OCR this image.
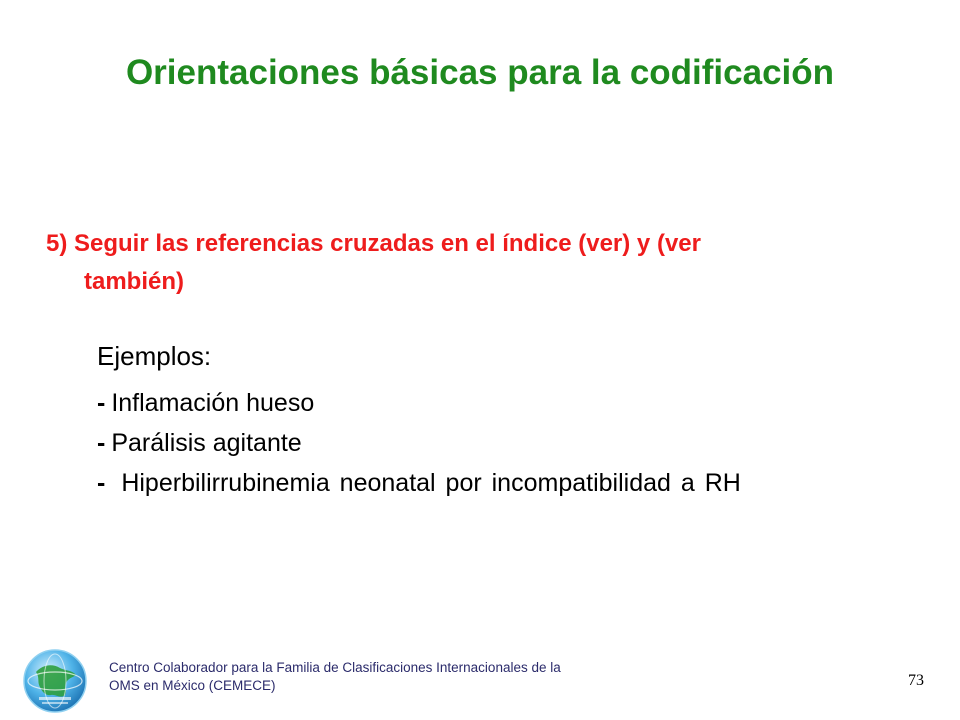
Orientaciones básicas para la codificación
5) Seguir las referencias cruzadas en el índice (ver) y (ver
también)
Ejemplos:
- Inflamación hueso
- Parálisis agitante
- Hiperbilirrubinemia neonatal por incompatibilidad a RH
Centro Colaborador para la Familia de Clasificaciones Internacionales de la
OMS en México (CEMECE)	73
